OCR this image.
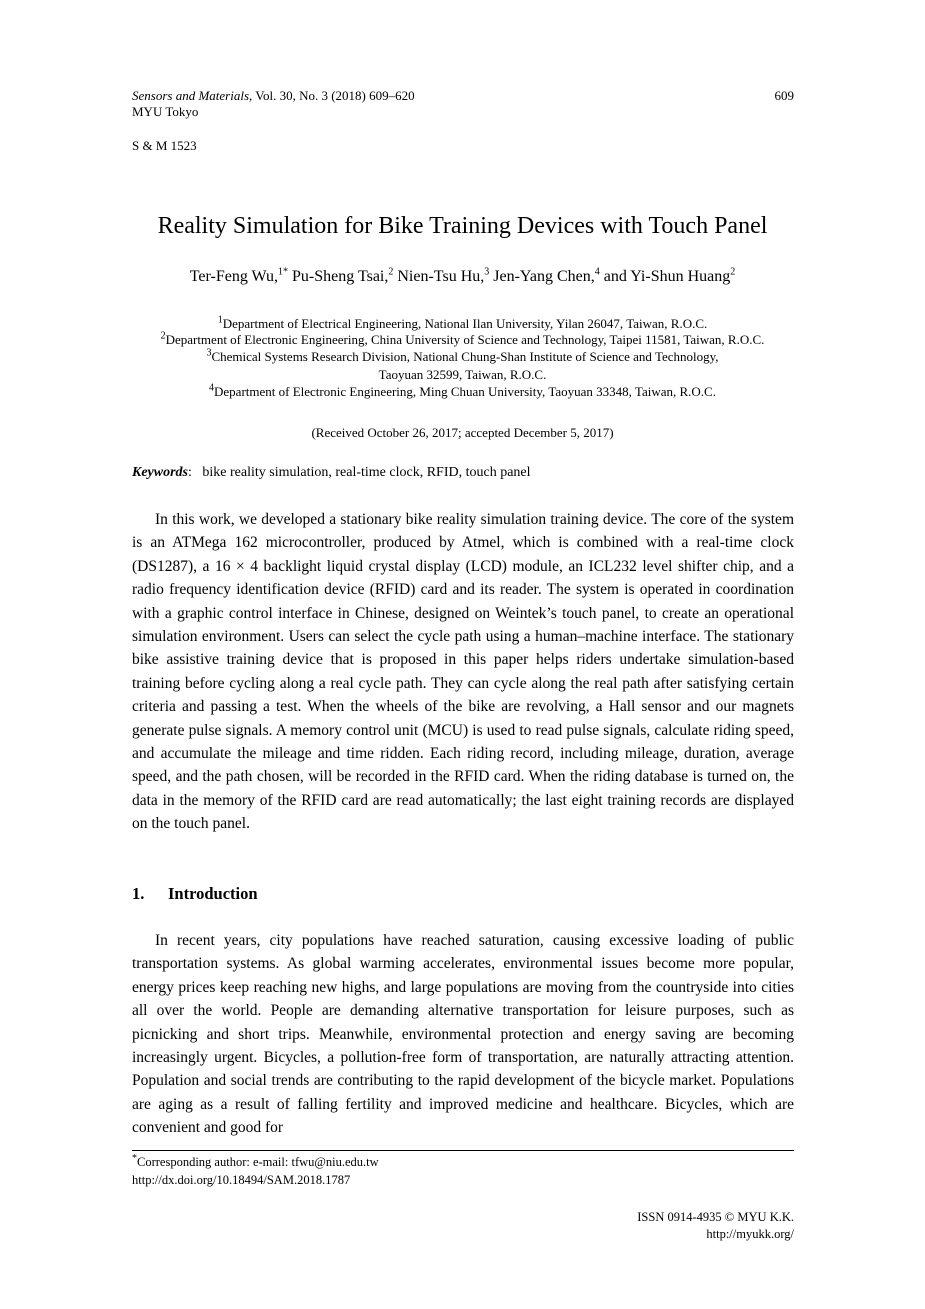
Sensors and Materials, Vol. 30, No. 3 (2018) 609–620	609
MYU Tokyo
S & M 1523
Reality Simulation for Bike Training Devices with Touch Panel
Ter-Feng Wu,$^{1*}$ Pu-Sheng Tsai,$^2$ Nien-Tsu Hu,$^3$ Jen-Yang Chen,$^4$ and Yi-Shun Huang$^2$
$^1$Department of Electrical Engineering, National Ilan University, Yilan 26047, Taiwan, R.O.C.
$^2$Department of Electronic Engineering, China University of Science and Technology, Taipei 11581, Taiwan, R.O.C.
$^3$Chemical Systems Research Division, National Chung-Shan Institute of Science and Technology,
Taoyuan 32599, Taiwan, R.O.C.
$^4$Department of Electronic Engineering, Ming Chuan University, Taoyuan 33348, Taiwan, R.O.C.
(Received October 26, 2017; accepted December 5, 2017)
Keywords: bike reality simulation, real-time clock, RFID, touch panel

In this work, we developed a stationary bike reality simulation training device. The core of the system is an ATMega 162 microcontroller, produced by Atmel, which is combined with a real-time clock (DS1287), a 16 × 4 backlight liquid crystal display (LCD) module, an ICL232 level shifter chip, and a radio frequency identification device (RFID) card and its reader. The system is operated in coordination with a graphic control interface in Chinese, designed on Weintek’s touch panel, to create an operational simulation environment. Users can select the cycle path using a human–machine interface. The stationary bike assistive training device that is proposed in this paper helps riders undertake simulation-based training before cycling along a real cycle path. They can cycle along the real path after satisfying certain criteria and passing a test. When the wheels of the bike are revolving, a Hall sensor and our magnets generate pulse signals. A memory control unit (MCU) is used to read pulse signals, calculate riding speed, and accumulate the mileage and time ridden. Each riding record, including mileage, duration, average speed, and the path chosen, will be recorded in the RFID card. When the riding database is turned on, the data in the memory of the RFID card are read automatically; the last eight training records are displayed on the touch panel.

1. Introduction

In recent years, city populations have reached saturation, causing excessive loading of public transportation systems. As global warming accelerates, environmental issues become more popular, energy prices keep reaching new highs, and large populations are moving from the countryside into cities all over the world. People are demanding alternative transportation for leisure purposes, such as picnicking and short trips. Meanwhile, environmental protection and energy saving are becoming increasingly urgent. Bicycles, a pollution-free form of transportation, are naturally attracting attention. Population and social trends are contributing to the rapid development of the bicycle market. Populations are aging as a result of falling fertility and improved medicine and healthcare. Bicycles, which are convenient and good for

*Corresponding author: e-mail: tfwu@niu.edu.tw
http://dx.doi.org/10.18494/SAM.2018.1787
ISSN 0914-4935 © MYU K.K.
http://myukk.org/
